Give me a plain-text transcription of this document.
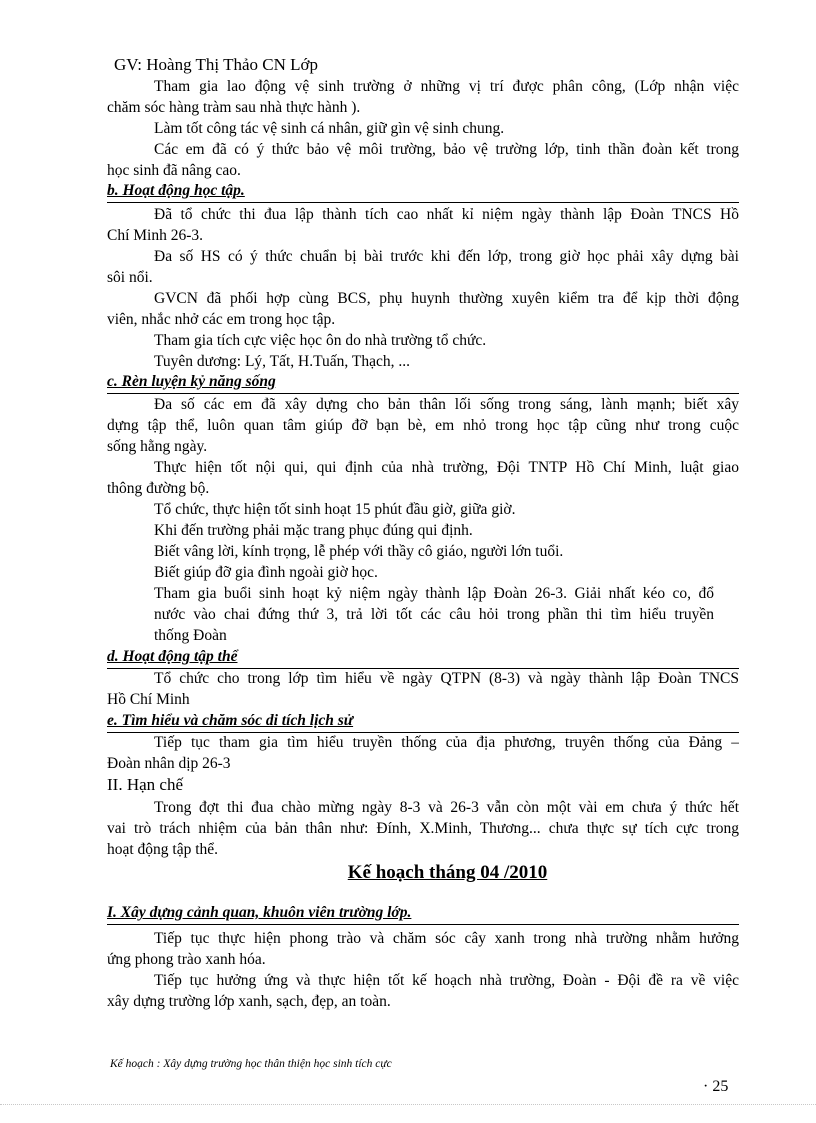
GV: Hoàng Thị Thảo CN Lớp
Tham gia lao động vệ sinh trường ở những vị trí được phân công, (Lớp nhận việc
chăm sóc hàng tràm sau nhà thực hành ).
Làm tốt công tác vệ sinh cá nhân, giữ gìn vệ sinh chung.
Các em đã có ý thức bảo vệ môi trường, bảo vệ trường lớp, tinh thần đoàn kết trong
học sinh đã nâng cao.
b. Hoạt động học tập.
Đã tổ chức thi đua lập thành tích cao nhất kỉ niệm ngày thành lập Đoàn TNCS Hồ
Chí Minh 26-3.
Đa số HS có ý thức chuẩn bị bài trước khi đến lớp, trong giờ học phải xây dựng bài
sôi nổi.
GVCN đã phối hợp cùng BCS, phụ huynh thường xuyên kiểm tra để kịp thời động
viên, nhắc nhở các em trong học tập.
Tham gia tích cực việc học ôn do nhà trường tổ chức.
Tuyên dương: Lý, Tất, H.Tuấn, Thạch, ...
c. Rèn luyện kỷ năng sống
Đa số các em đã xây dựng cho bản thân lối sống trong sáng, lành mạnh; biết xây
dựng tập thể, luôn quan tâm giúp đỡ bạn bè, em nhỏ trong học tập cũng như trong cuộc
sống hằng ngày.
Thực hiện tốt nội qui, qui định của nhà trường, Đội TNTP Hồ Chí Minh, luật giao
thông đường bộ.
Tổ chức, thực hiện tốt sinh hoạt 15 phút đầu giờ, giữa giờ.
Khi đến trường phải mặc trang phục đúng qui định.
Biết vâng lời, kính trọng, lễ phép với thầy cô giáo, người lớn tuổi.
Biết giúp đỡ gia đình ngoài giờ học.
Tham gia buổi sinh hoạt kỷ niệm ngày thành lập Đoàn 26-3. Giải nhất kéo co, đổ
nước vào chai đứng thứ 3, trả lời tốt các câu hỏi trong phần thi tìm hiểu truyền
thống Đoàn
d. Hoạt động tập thể
Tổ chức cho trong lớp tìm hiểu về ngày QTPN (8-3) và ngày thành lập Đoàn TNCS
Hồ Chí Minh
e. Tìm hiểu và chăm sóc di tích lịch sử
Tiếp tục tham gia tìm hiểu truyền thống của địa phương, truyên thống của Đảng –
Đoàn nhân dịp 26-3
II. Hạn chế
Trong đợt thi đua chào mừng ngày 8-3 và 26-3 vẫn còn một vài em chưa ý thức hết
vai trò trách nhiệm của bản thân như: Đính, X.Minh, Thương... chưa thực sự tích cực trong
hoạt động tập thể.
Kế hoạch tháng 04 /2010
I. Xây dựng cảnh quan, khuôn viên trường lớp.
Tiếp tục thực hiện phong trào và chăm sóc cây xanh trong nhà trường nhằm hưởng
ứng phong trào xanh hóa.
Tiếp tục hưởng ứng và thực hiện tốt kế hoạch nhà trường, Đoàn - Đội đề ra về việc
xây dựng trường lớp xanh, sạch, đẹp, an toàn.
Kế hoạch : Xây dựng trường học thân thiện học sinh tích cực
· 25
